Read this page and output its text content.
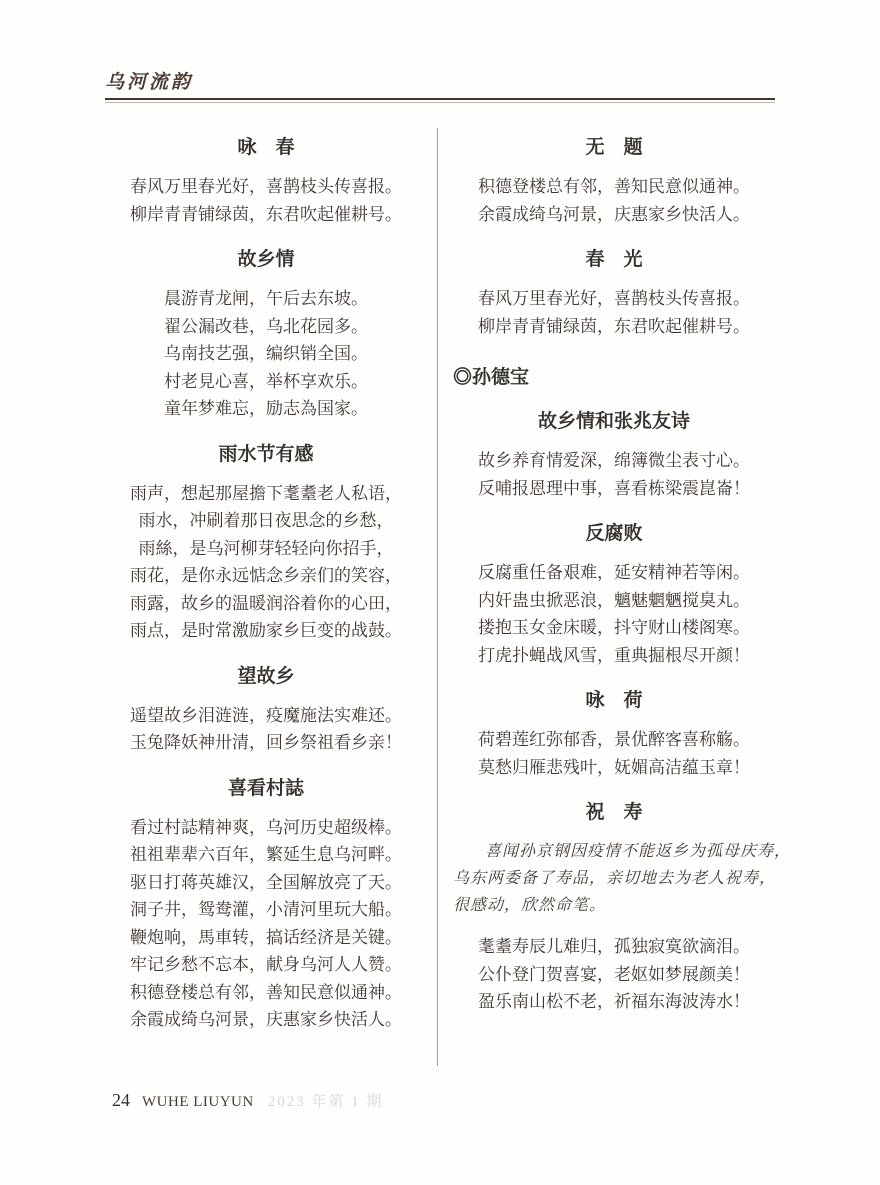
乌河流韵
咏　春
春风万里春光好，喜鹊枝头传喜报。
柳岸青青铺绿茵，东君吹起催耕号。
故乡情
晨游青龙闸，午后去东坡。
翟公漏改巷，乌北花园多。
乌南技艺强，编织销全国。
村老見心喜，举杯享欢乐。
童年梦难忘，励志為国家。
雨水节有感
雨声，想起那屋擔下耄耋老人私语，
雨水，冲刷着那日夜思念的乡愁，
雨絲，是乌河柳芽轻轻向你招手，
雨花，是你永远惦念乡亲们的笑容，
雨露，故乡的温暖润浴着你的心田，
雨点，是时常激励家乡巨变的战鼓。
望故乡
遥望故乡泪涟涟，疫魔施法实难还。
玉兔降妖神卅清，回乡祭祖看乡亲！
喜看村誌
看过村誌精神爽，乌河历史超级棒。
祖祖辈辈六百年，繁延生息乌河畔。
驱日打蒋英雄汉，全国解放亮了天。
洞子井，鸳鸯灌，小清河里玩大船。
鞭炮响，馬車转，搞话经济是关键。
牢记乡愁不忘本，献身乌河人人赞。
积德登楼总有邻，善知民意似通神。
余霞成绮乌河景，庆惠家乡快活人。
无　题
积德登楼总有邻，善知民意似通神。
余霞成绮乌河景，庆惠家乡快活人。
春　光
春风万里春光好，喜鹊枝头传喜报。
柳岸青青铺绿茵，东君吹起催耕号。
◎孙德宝
故乡情和张兆友诗
故乡养育情爱深，绵簿微尘表寸心。
反哺报恩理中事，喜看栋梁震崑崙！
反腐败
反腐重任备艰难，延安精神若等闲。
内奸蛊虫掀恶浪，魑魅魍魉搅臭丸。
搂抱玉女金床暖，抖守财山楼阁寒。
打虎扑蝇战风雪，重典掘根尽开颜！
咏　荷
荷碧莲红弥郁香，景优醉客喜称觞。
莫愁归雁悲残叶，妩媚高洁蕴玉章！
祝　寿
喜闻孙京钢因疫情不能返乡为孤母庆寿，
乌东两委备了寿品，亲切地去为老人祝寿，
很感动，欣然命笔。
耄耋寿辰儿难归，孤独寂寞欲滴泪。
公仆登门贺喜宴，老妪如梦展颜美！
盈乐南山松不老，祈福东海波涛水！
24 WUHE LIUYUN 2023 年第 1 期
